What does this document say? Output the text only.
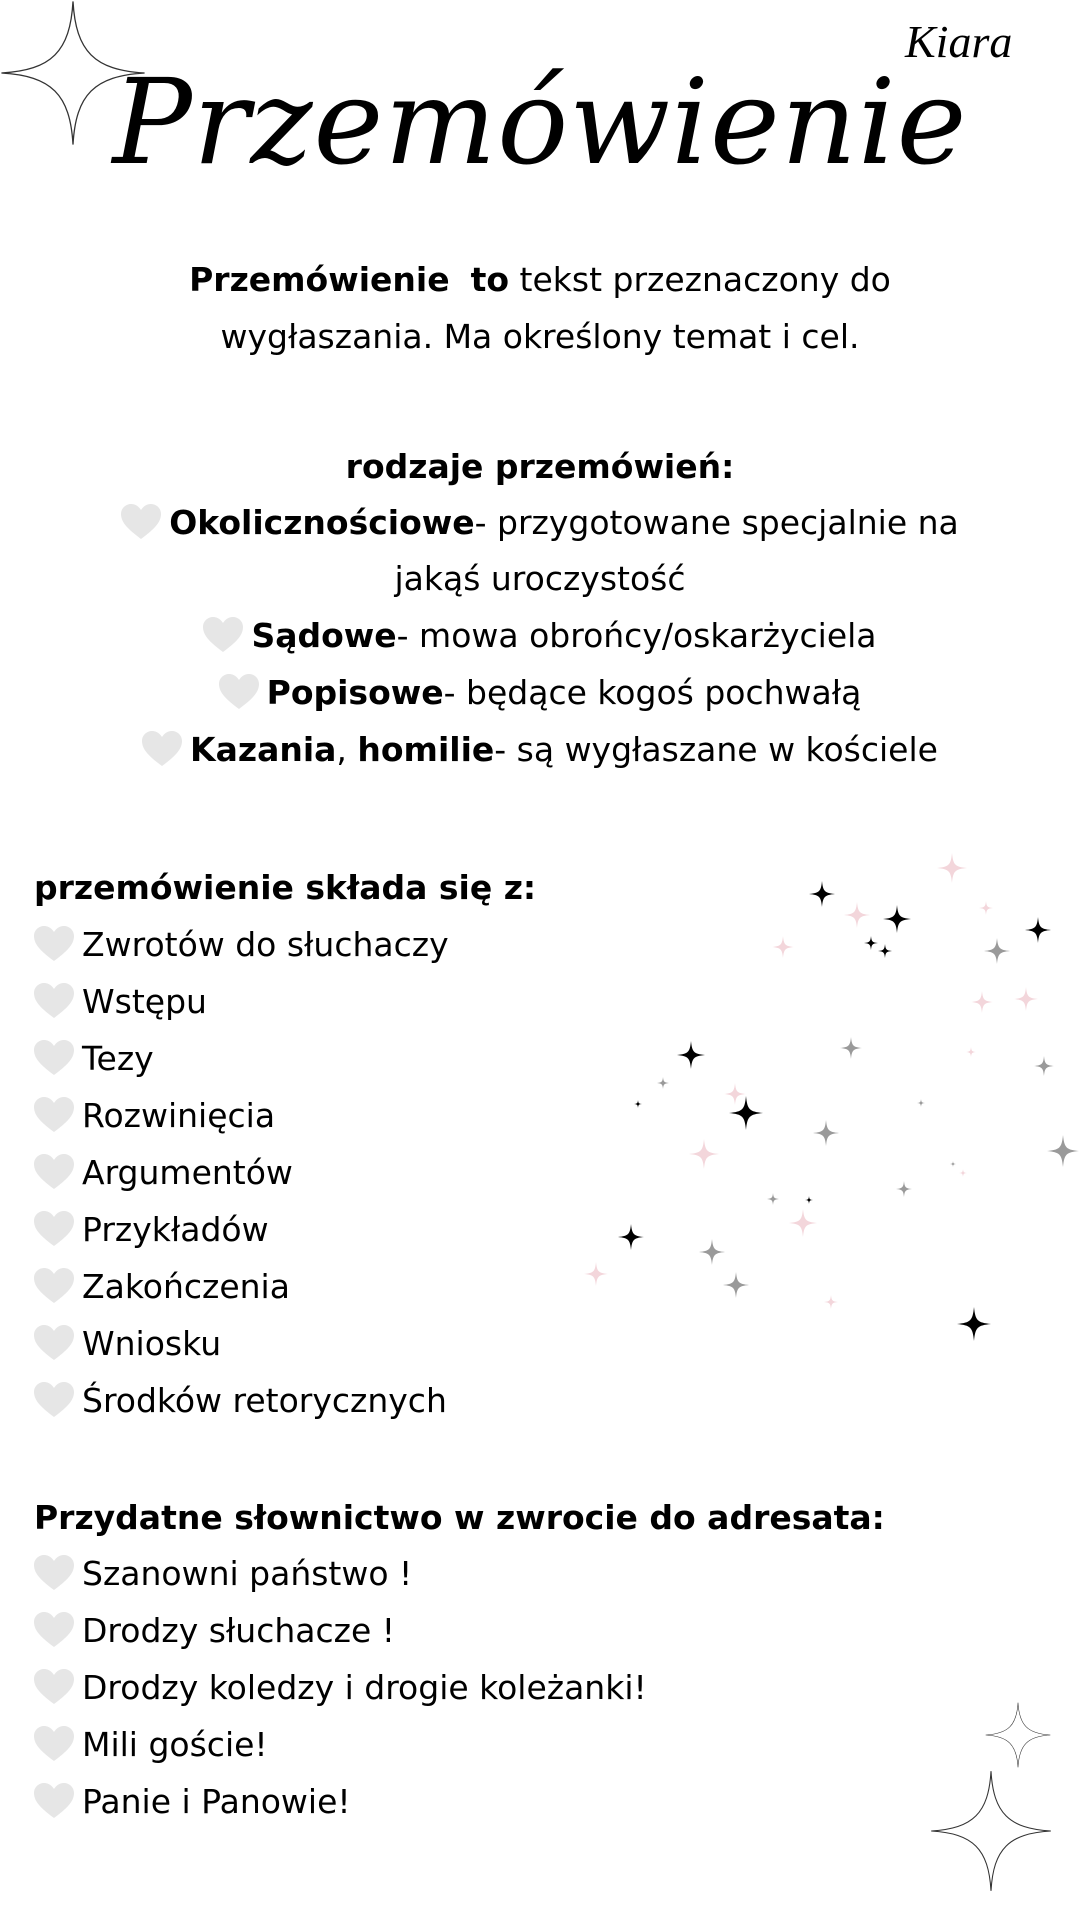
Przemówienie
Kiara
Przemówienie to tekst przeznaczony do
wygłaszania. Ma określony temat i cel.
rodzaje przemówień:
Okolicznościowe- przygotowane specjalnie na
jakąś uroczystość
Sądowe- mowa obrońcy/oskarżyciela
Popisowe- będące kogoś pochwałą
Kazania, homilie- są wygłaszane w kościele
przemówienie składa się z:
Zwrotów do słuchaczy
Wstępu
Tezy
Rozwinięcia
Argumentów
Przykładów
Zakończenia
Wniosku
Środków retorycznych
Przydatne słownictwo w zwrocie do adresata:
Szanowni państwo !
Drodzy słuchacze !
Drodzy koledzy i drogie koleżanki!
Mili goście!
Panie i Panowie!
